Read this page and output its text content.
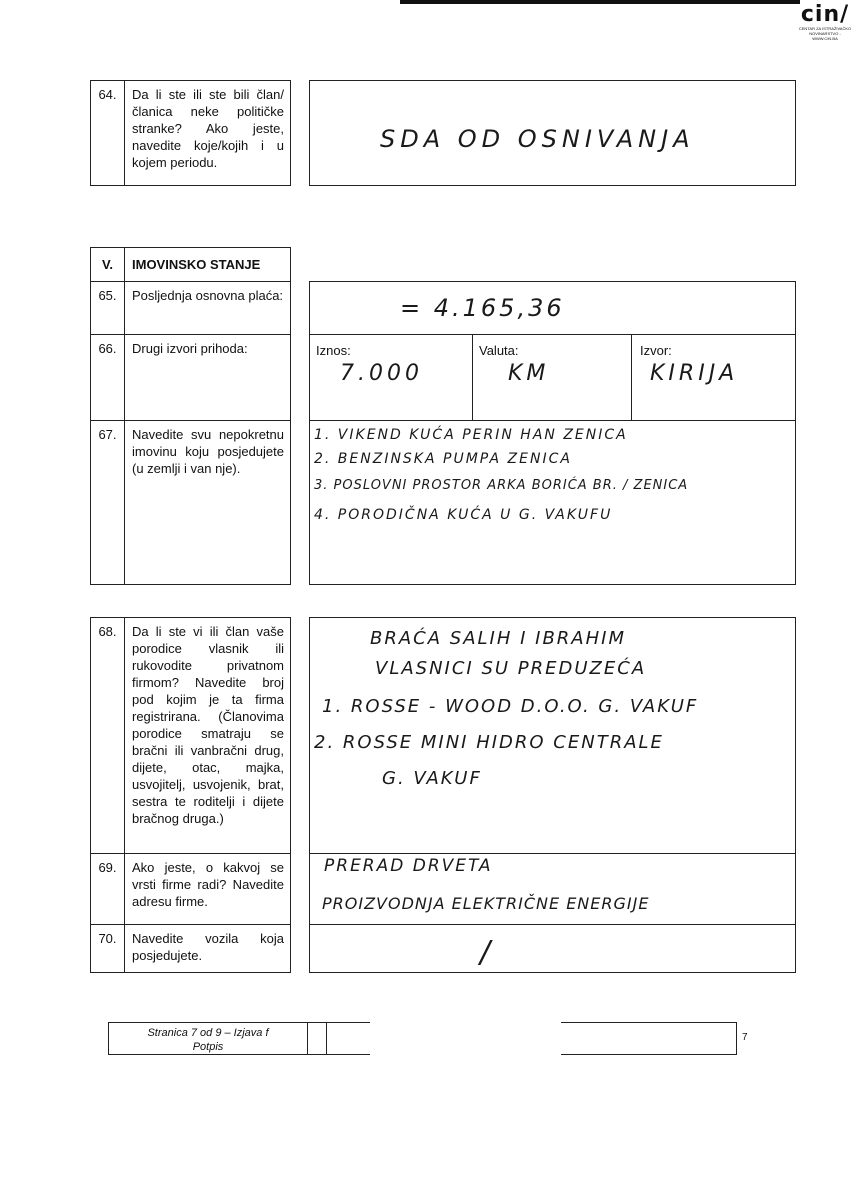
cin/
CENTAR ZA ISTRAŽIVAČKO
NOVINARSTVO - WWW.CIN.BA
64.	Da li ste ili ste bili član/članica neke političke stranke? Ako jeste, navedite koje/kojih i u kojem periodu.
SDA OD OSNIVANJA
V.	IMOVINSKO STANJE
65.	Posljednja osnovna plaća:	= 4.165,36
66.	Drugi izvori prihoda:	Iznos:
7.000
Valuta:
KM
Izvor:
KIRIJA
67.	Navedite svu nepokretnu imovinu koju posjedujete (u zemlji i van nje).
1. VIKEND KUĆA PERIN HAN ZENICA
2. BENZINSKA PUMPA ZENICA
3. POSLOVNI PROSTOR ARKA BORIĆA BR. / ZENICA
4. PORODIČNA KUĆA U G. VAKUFU
68.	Da li ste vi ili član vaše porodice vlasnik ili rukovodite privatnom firmom? Navedite broj pod kojim je ta firma registrirana. (Članovima porodice smatraju se bračni ili vanbračni drug, dijete, otac, majka, usvojitelj, usvojenik, brat, sestra te roditelji i dijete bračnog druga.)
BRAĆA SALIH I IBRAHIM
VLASNICI SU PREDUZEĆA
1. ROSSE - WOOD D.O.O. G. VAKUF
2. ROSSE MINI HIDRO CENTRALE
G. VAKUF
69.	Ako jeste, o kakvoj se vrsti firme radi? Navedite adresu firme.
PRERAD DRVETA
PROIZVODNJA ELEKTRIČNE ENERGIJE
70.	Navedite vozila koja posjedujete.	/
Stranica 7 od 9 – Izjava f
Potpis
7
